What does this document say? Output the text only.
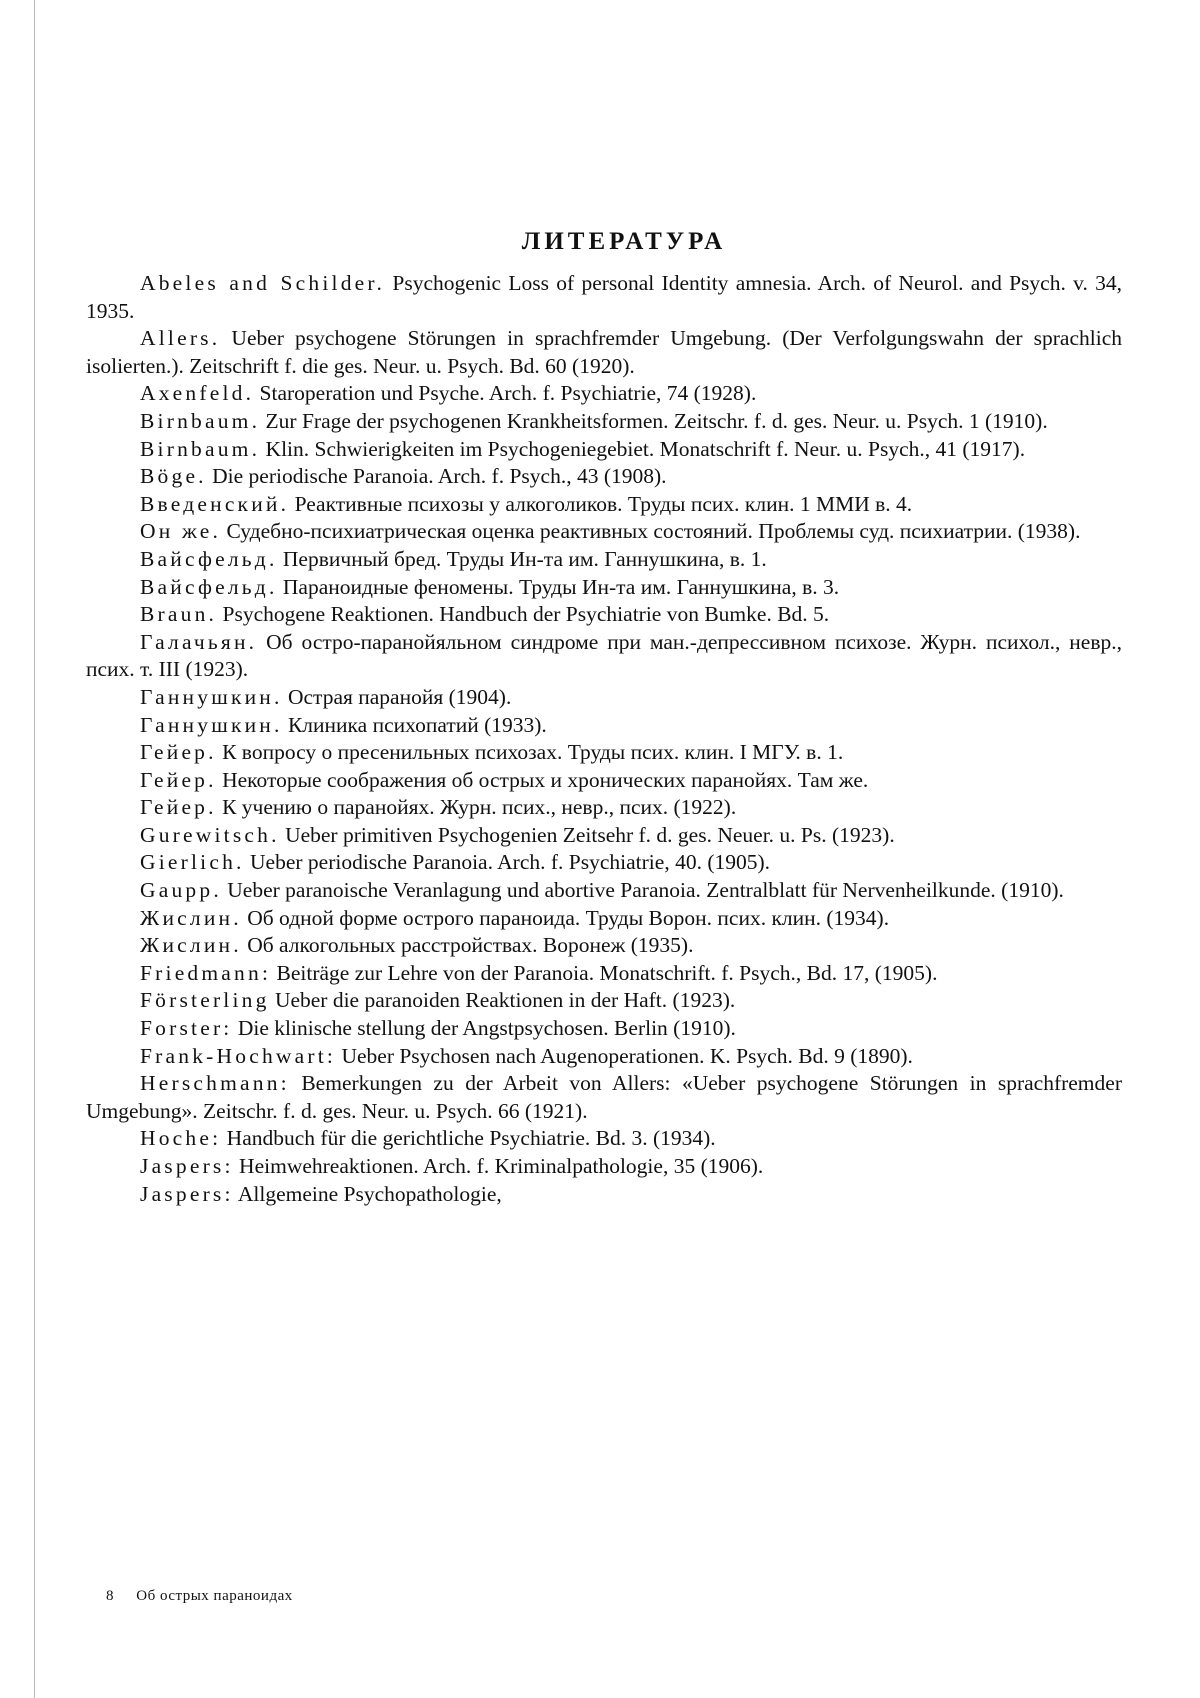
ЛИТЕРАТУРА

Abeles and Schilder. Psychogenic Loss of personal Identity amnesia. Arch. of Neurol. and Psych. v. 34, 1935.

Allers. Ueber psychogene Störungen in sprachfremder Umgebung. (Der Verfolgungswahn der sprachlich isolierten.). Zeitschrift f. die ges. Neur. u. Psych. Bd. 60 (1920).

Axenfeld. Staroperation und Psyche. Arch. f. Psychiatrie, 74 (1928).

Birnbaum. Zur Frage der psychogenen Krankheitsformen. Zeitschr. f. d. ges. Neur. u. Psych. 1 (1910).

Birnbaum. Klin. Schwierigkeiten im Psychogeniegebiet. Monatschrift f. Neur. u. Psych., 41 (1917).

Böge. Die periodische Paranoia. Arch. f. Psych., 43 (1908).

Введенский. Реактивные психозы у алкоголиков. Труды псих. клин. 1 ММИ в. 4.

Он же. Судебно-психиатрическая оценка реактивных состояний. Проблемы суд. психиатрии. (1938).

Вайсфельд. Первичный бред. Труды Ин-та им. Ганнушкина, в. 1.

Вайсфельд. Параноидные феномены. Труды Ин-та им. Ганнушкина, в. 3.

Braun. Psychogene Reaktionen. Handbuch der Psychiatrie von Bumke. Bd. 5.

Галачьян. Об остро-паранойяльном синдроме при ман.-депрессивном психозе. Журн. психол., невр., псих. т. III (1923).

Ганнушкин. Острая паранойя (1904).

Ганнушкин. Клиника психопатий (1933).

Гейер. К вопросу о пресенильных психозах. Труды псих. клин. I МГУ. в. 1.

Гейер. Некоторые соображения об острых и хронических паранойях. Там же.

Гейер. К учению о паранойях. Журн. псих., невр., псих. (1922).

Gurewitsch. Ueber primitiven Psychogenien Zeitsehr f. d. ges. Neuer. u. Ps. (1923).

Gierlich. Ueber periodische Paranoia. Arch. f. Psychiatrie, 40. (1905).

Gaupp. Ueber paranoische Veranlagung und abortive Paranoia. Zentralblatt für Nervenheilkunde. (1910).

Жислин. Об одной форме острого параноида. Труды Ворон. псих. клин. (1934).

Жислин. Об алкогольных расстройствах. Воронеж (1935).

Friedmann: Beiträge zur Lehre von der Paranoia. Monatschrift. f. Psych., Bd. 17, (1905).

Försterling Ueber die paranoiden Reaktionen in der Haft. (1923).

Forster: Die klinische stellung der Angstpsychosen. Berlin (1910).

Frank-Hochwart: Ueber Psychosen nach Augenoperationen. K. Psych. Bd. 9 (1890).

Herschmann: Bemerkungen zu der Arbeit von Allers: «Ueber psychogene Störungen in sprachfremder Umgebung». Zeitschr. f. d. ges. Neur. u. Psych. 66 (1921).

Hoche: Handbuch für die gerichtliche Psychiatrie. Bd. 3. (1934).

Jaspers: Heimwehreaktionen. Arch. f. Kriminalpathologie, 35 (1906).

Jaspers: Allgemeine Psychopathologie,

8 Об острых параноидах
